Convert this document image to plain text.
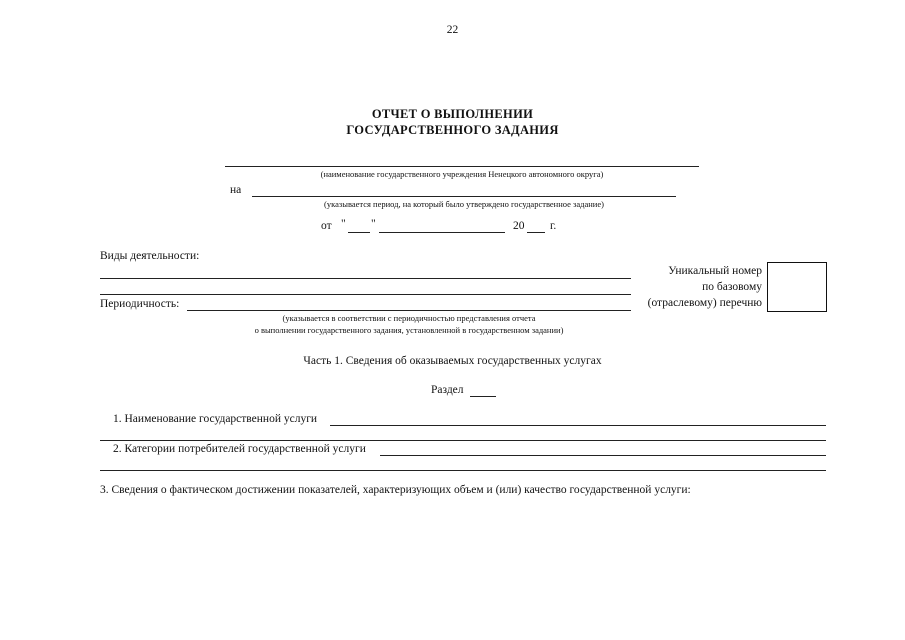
22
ОТЧЕТ О ВЫПОЛНЕНИИ
ГОСУДАРСТВЕННОГО ЗАДАНИЯ
(наименование государственного учреждения Ненецкого автономного округа)
на
(указывается период, на который было утверждено государственное задание)
от " "	20 г.
Виды деятельности:
Периодичность:
(указывается в соответствии с периодичностью представления отчета
о выполнении государственного задания, установленной в государственном задании)
Уникальный номер
по базовому
(отраслевому) перечню
Часть 1. Сведения об оказываемых государственных услугах
Раздел
1. Наименование государственной услуги
2. Категории потребителей государственной услуги
3. Сведения о фактическом достижении показателей, характеризующих объем и (или) качество государственной услуги:
